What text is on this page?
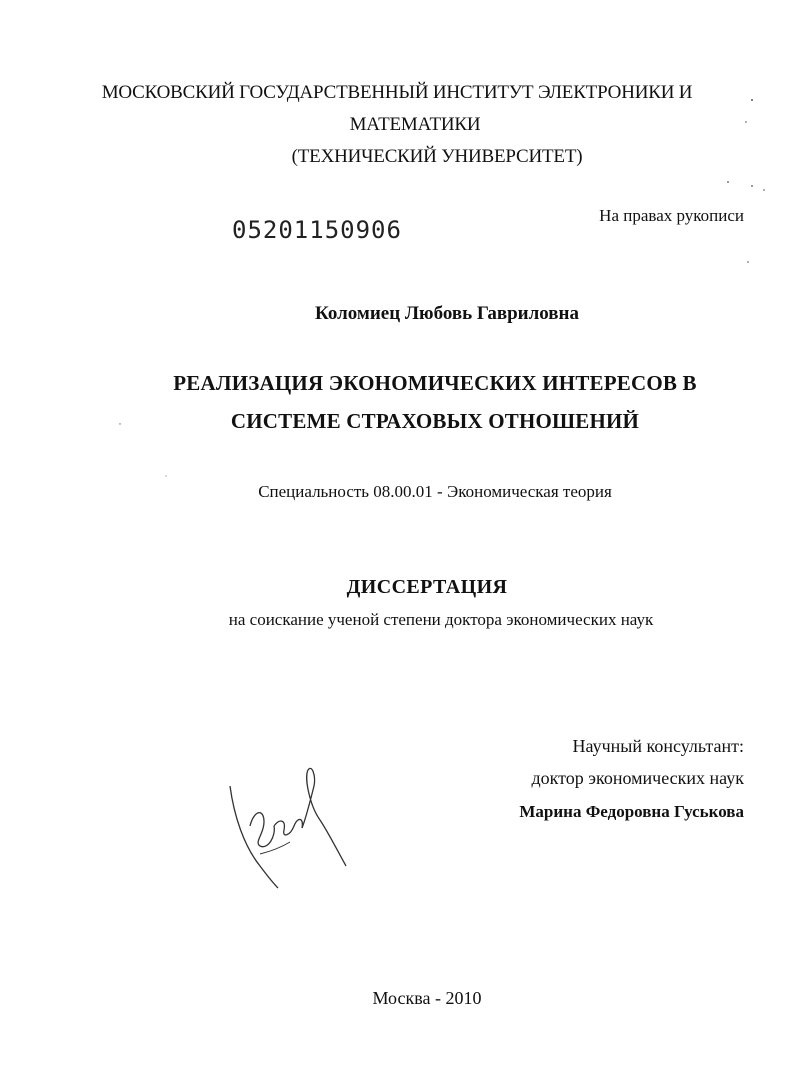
МОСКОВСКИЙ ГОСУДАРСТВЕННЫЙ ИНСТИТУТ ЭЛЕКТРОНИКИ И
МАТЕМАТИКИ
(ТЕХНИЧЕСКИЙ УНИВЕРСИТЕТ)
На правах рукописи
05201150906
Коломиец Любовь Гавриловна
РЕАЛИЗАЦИЯ ЭКОНОМИЧЕСКИХ ИНТЕРЕСОВ В
СИСТЕМЕ СТРАХОВЫХ ОТНОШЕНИЙ
Специальность 08.00.01 - Экономическая теория
ДИССЕРТАЦИЯ
на соискание ученой степени доктора экономических наук
Научный консультант:
доктор экономических наук
Марина Федоровна Гуськова
Москва - 2010
